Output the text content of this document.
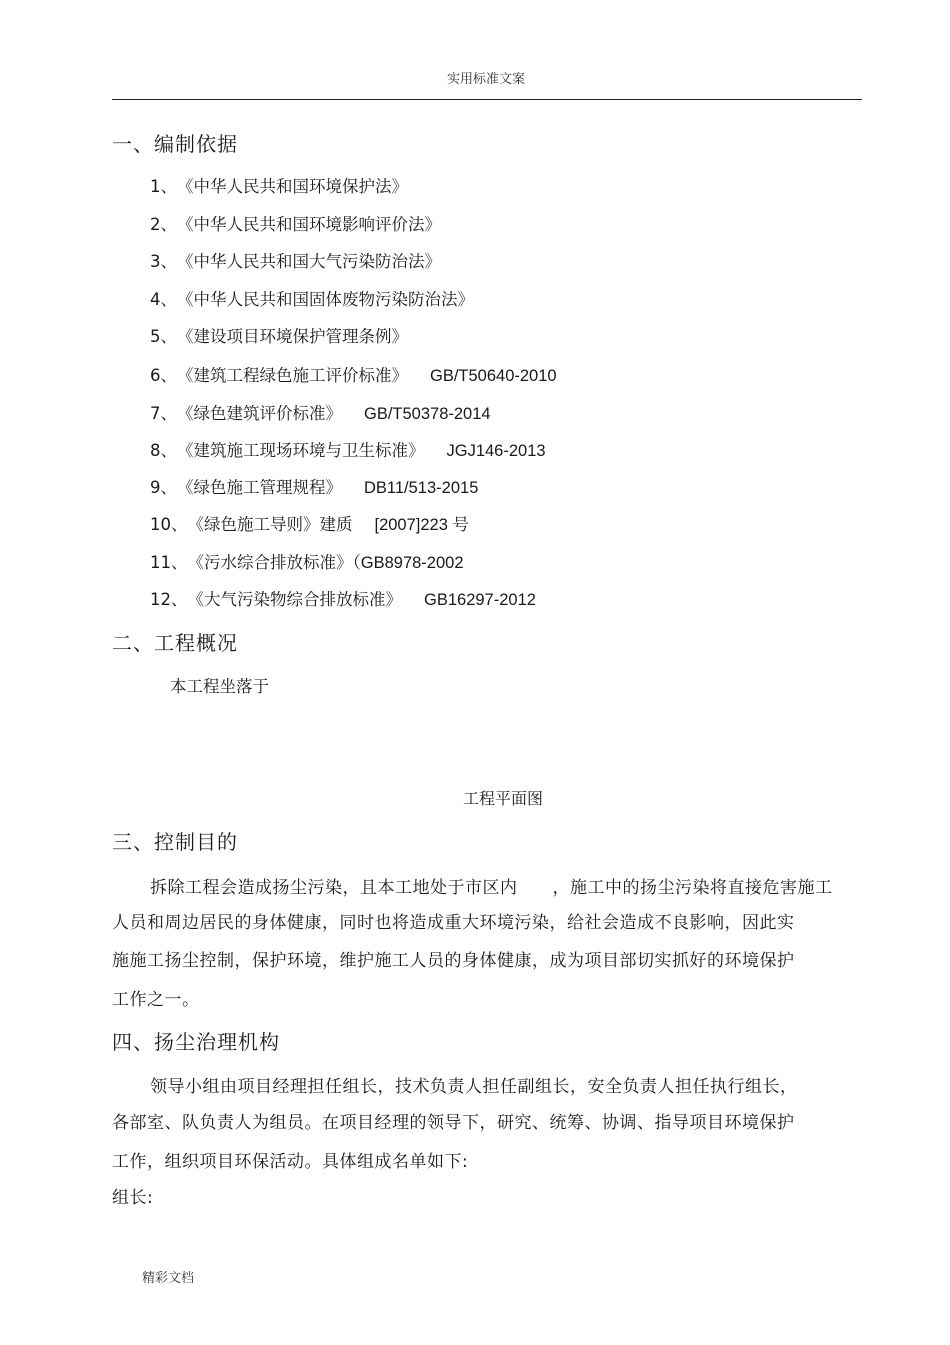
实用标准文案
一、编制依据
1、《中华人民共和国环境保护法》
2、《中华人民共和国环境影响评价法》
3、《中华人民共和国大气污染防治法》
4、《中华人民共和国固体废物污染防治法》
5、《建设项目环境保护管理条例》
6、《建筑工程绿色施工评价标准》 GB/T50640-2010
7、《绿色建筑评价标准》 GB/T50378-2014
8、《建筑施工现场环境与卫生标准》 JGJ146-2013
9、《绿色施工管理规程》 DB11/513-2015
10、《绿色施工导则》建质 [2007]223 号
11、《污水综合排放标准》（GB8978-2002
12、《大气污染物综合排放标准》 GB16297-2012
二、工程概况
本工程坐落于
工程平面图
三、控制目的
拆除工程会造成扬尘污染，且本工地处于市区内　　，施工中的扬尘污染将直接危害施工
人员和周边居民的身体健康，同时也将造成重大环境污染，给社会造成不良影响，因此实
施施工扬尘控制，保护环境，维护施工人员的身体健康，成为项目部切实抓好的环境保护
工作之一。
四、扬尘治理机构
领导小组由项目经理担任组长，技术负责人担任副组长，安全负责人担任执行组长，
各部室、队负责人为组员。在项目经理的领导下，研究、统筹、协调、指导项目环境保护
工作，组织项目环保活动。具体组成名单如下:
组长:
精彩文档
